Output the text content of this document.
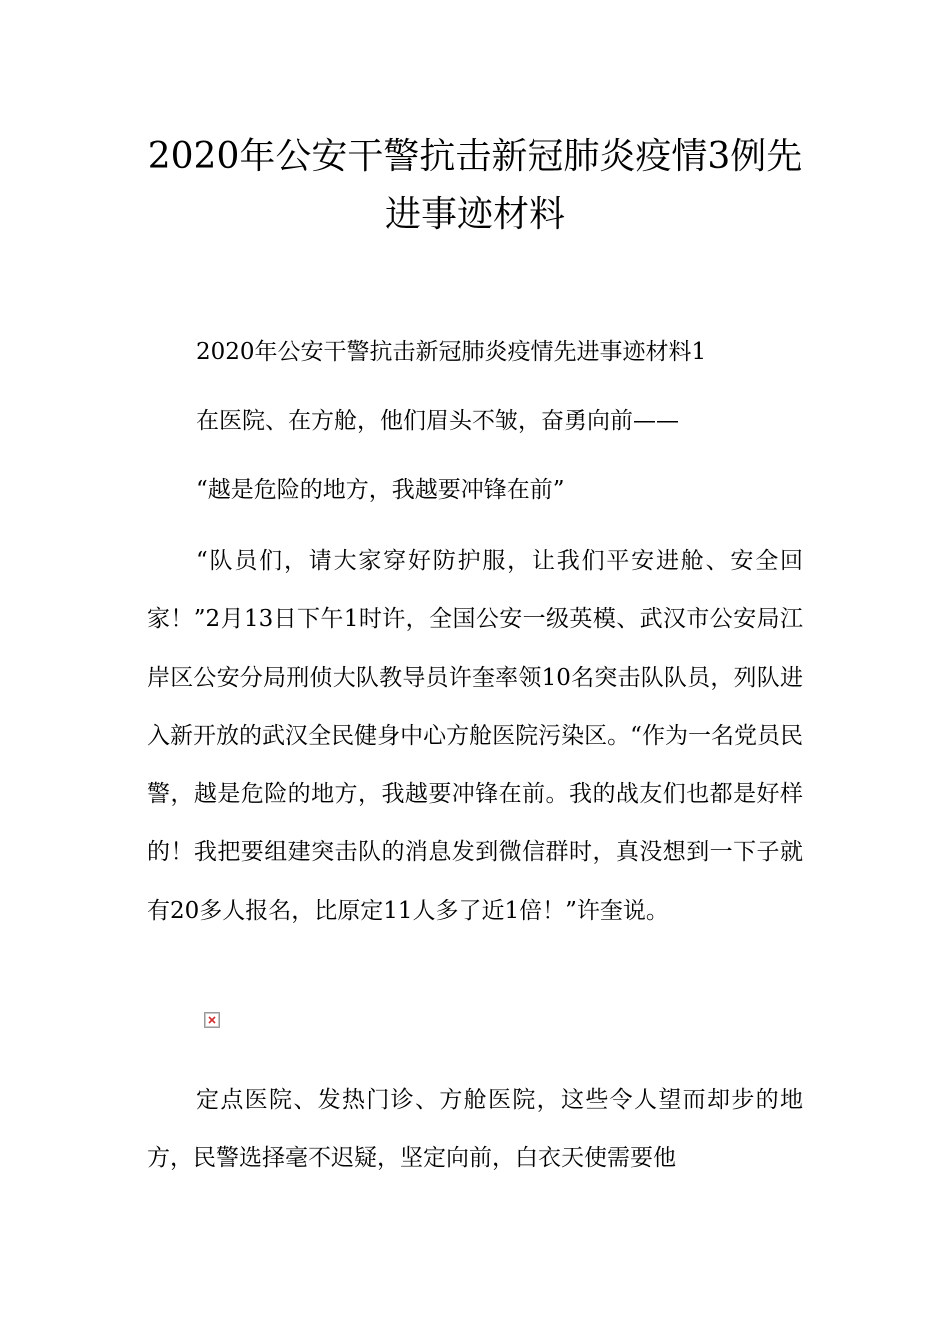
2020年公安干警抗击新冠肺炎疫情3例先
进事迹材料

2020年公安干警抗击新冠肺炎疫情先进事迹材料1

在医院、在方舱，他们眉头不皱，奋勇向前——

“越是危险的地方，我越要冲锋在前”

“队员们，请大家穿好防护服，让我们平安进舱、安全回家！”2月13日下午1时许，全国公安一级英模、武汉市公安局江岸区公安分局刑侦大队教导员许奎率领10名突击队队员，列队进入新开放的武汉全民健身中心方舱医院污染区。“作为一名党员民警，越是危险的地方，我越要冲锋在前。我的战友们也都是好样的！我把要组建突击队的消息发到微信群时，真没想到一下子就有20多人报名，比原定11人多了近1倍！”许奎说。

定点医院、发热门诊、方舱医院，这些令人望而却步的地方，民警选择毫不迟疑，坚定向前，白衣天使需要他
